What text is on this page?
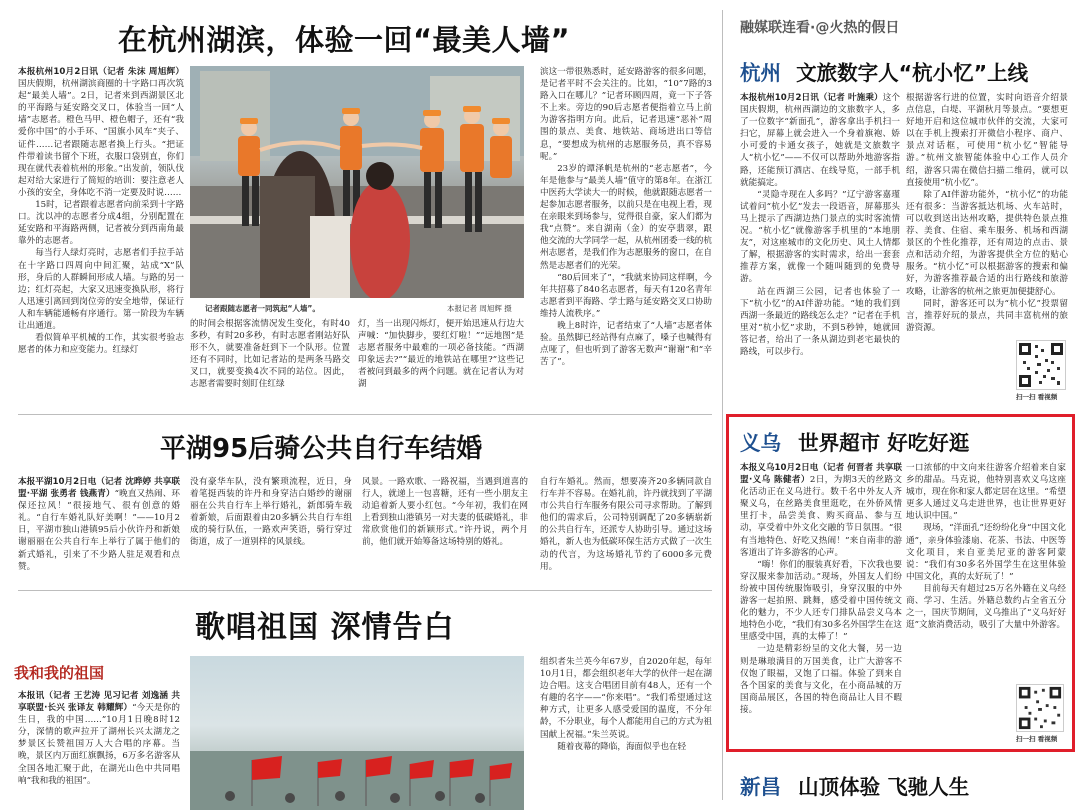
在杭州湖滨，体验一回“最美人墙”
本报杭州10月2日讯（记者 朱沫 周旭辉）国庆假期，杭州湖滨商圈的十字路口再次筑起“最美人墙”。2日，记者来到西湖景区北的平海路与延安路交叉口，体验当一回“人墙”志愿者。橙色马甲、橙色帽子，还有“我爱你中国”的小手环、“国旗小风车”夹子、证件……记者跟随志愿者换上行头。“把证件带着读书留个下班，衣服口袋别直，你们现在就代表着杭州的形象。”出发前，领队伐起对给大家进行了简短的培训：要注意老人小孩的安全，身体吃不消一定要及时说……
15时，记者跟着志愿者向前采到十字路口。沈以冲的志愿者分成4组，分别配置在延安路和平海路两侧，记者被分到西南角最靠外的志愿者。
每当行人绿灯亮时，志愿者们手拉手站在十字路口四周向中间汇聚，站成“X”队形，身后的人群瞬间形成人墙。与路的另一边；红灯亮起，大家又迅速变换队形，将行人迅速引离回到岗位旁的安全地带，保证行人和车辆能通畅有序通行。第一阶段为车辆让出通道。
看似简单平机械的工作，其实很考验志愿者的体力和应变能力。红绿灯
记者跟随志愿者一同筑起“人墙”。	本报记者 周旭辉 摄
的时间会根据客流情况发生变化，有时40多秒，有时20多秒，有时志愿者刚站好队形不久，就要准备赶到下一个队形。位置还有不同时，比如记者站的是两条马路交叉口，就要变换4次不同的站位。因此，志愿者需要时刻盯住红绿
灯，当一出现闪烁灯，便开始迅速从行边大声喊：“加快脚步，要红灯啦！”“远地图”是志愿者服务中最难的一项必备技能。“西湖印象远去?”“最近的地铁站在哪里?”这些记者被问到最多的两个问题。就在记者认为对湖
滨这一带很熟悉时，延安路游客的很多问题，是记者平时不会关注的。比如，“10”7路的3路入口在哪儿？”记者环顾四周，竟一下子答不上来。旁边的90后志愿者便指着立马上前为游客指明方向。此后，记者迅速“恶补”周围的景点、美食、地铁站、商场进出口等信息，“要想成为杭州的志愿服务员，真不容易呢。”
23岁的谭泽帆是杭州的“老志愿者”，今年是他参与“最美人墙”值守的第8年。在浙江中医药大学读大一的时候，他就跟随志愿者一起参加志愿者服务，以前只是在电视上看，现在亲眼来到场参与，觉得很自豪，家人们都为我“点赞”。来自湖南（金）的安亭翡翠，跟他交流的大学同学一起，从杭州团委一线的杭州志愿者，是我们作为志愿服务的窗口，在自然是志愿者们的光荣。
“80后回来了”，“我就来协同这样啊，今年共招募了840名志愿者，每天有120名青年志愿者到平海路、学士路与延安路交叉口协助维持人流秩序。”
晚上8时许，记者结束了“人墙”志愿者体验。虽然脚已经站得有点麻了，嗓子也喊得有点哑了，但也听到了游客无数声“谢谢”和“辛苦了”。
融媒联连看·@火热的假日
杭州 文旅数字人“杭小忆”上线
本报杭州10月2日讯（记者 叶施乘）这个国庆假期，杭州西湖边的文旅数字人，多了一位数字“新面孔”，游客拿出手机扫一扫它，屏幕上就会进入一个身着旗袍、娇小可爱的卡通女孩子，她就是文旅数字人“杭小忆”——不仅可以帮助外地游客指路，还能预订酒店、在线导览，一部手机就能搞定。
“灵隐寺现在人多吗？”辽宁游客嘉瑾试着问“杭小忆”发去一段语音，屏幕那头马上提示了西湖边热门景点的实时客流情况。“杭小忆”就像游客手机里的“本地朋友”，对这座城市的文化历史、风土人情都了解，根据游客的实时需求，给出一套套推荐方案，就像一个随叫随到的免费导游。
站在西湖三公园，记者也体验了一下“杭小忆”的AI伴游功能。“她的我们到西湖一条最近的路线怎么走？”记者在手机里对“杭小忆”求助，不到5秒钟，她就回答记者，给出了一条从湖边到老宅最快的路线，可以步行。
根据游客行进的位置，实时向语音介绍景点信息，白堤、平湖秋月等景点。“要想更好地开启和这位城市伙伴的交流，大家可以在手机上搜索打开微信小程序、商户、景点对话框，可使用“杭小忆”智能导游。”杭州文旅智能体验中心工作人员介绍，游客只需在微信扫描二维码，就可以直接使用“杭小忆”。
除了AI伴游功能外，“杭小忆”的功能还有很多：当游客抵达机场、火车站时，可以收到送出达州攻略，提供特色景点推荐、美食、住宿、乘车服务、机场和西湖景区的个性化推荐，还有周边的点击、景点和活动介绍，为游客提供全方位的贴心服务。“杭小忆”可以根据游客的搜索和偏好，为游客推荐最合适的出行路线和旅游攻略，让游客的杭州之旅更加便捷舒心。
同时，游客还可以为“杭小忆”投票留言，推荐好玩的景点，共同丰富杭州的旅游资源。
扫一扫 看视频
平湖95后骑公共自行车结婚
本报平湖10月2日电（记者 沈晔婷 共享联盟·平湖 张勇者 钱燕青）“晚直又热闹、环保还拉风！”很接地气、很有创意的婚礼。“自行车婚礼队好美啊！”——10月2日，平湖市独山港镇95后小伙许丹和新娘谢丽丽在公共自行车上举行了属于他们的新式婚礼，引来了不少路人驻足观看和点赞。
没有豪华车队，没有繁琐流程，近日，身着笔挺西装的许丹和身穿洁白婚纱的谢丽丽在公共自行车上举行婚礼，新郎骑车载着新娘，后面跟着由20多辆公共自行车组成的骑行队伍，一路欢声笑语，骑行穿过街道，成了一道别样的风景线。
风景。一路欢歌、一路祝福，当遇到道喜的行人，就递上一包喜糖，还有一些小朋友主动追着新人要小红包。“今年初，我们在网上看到独山港镇另一对夫妻的低碳婚礼，非常欣赏他们的新颖形式。”许丹说，两个月前，他们就开始筹备这场特别的婚礼。
自行车婚礼。然而，想要凑齐20多辆同款自行车并不容易。在婚礼前，许丹就找到了平湖市公共自行车服务有限公司寻求帮助。了解到他们的需求后，公司特别调配了20多辆崭新的公共自行车，还派专人协助引导。通过这场婚礼，新人也为低碳环保生活方式做了一次生动的代言，为这场婚礼节约了6000多元费用。
歌唱祖国 深情告白
我和我的祖国
本报讯（记者 王艺涛 见习记者 刘逸涵 共享联盟·长兴 张译友 韩耀辉）“今天是你的生日，我的中国……”10月1日晚8时12分，深情的歌声拉开了湖州长兴太湖龙之梦景区长赞祖国万人大合唱的序幕。当晚，景区内万面红旗飘扬，6万多名游客从全国各地汇聚于此，在湖光山色中共同唱响“我和我的祖国”。
组织者朱兰英今年67岁，自2020年起，每年10月1日，都会组织老年大学的伙伴一起在湖边合唱。这支合唱团目前有48人，还有一个有趣的名字——“你来唱”。“我们希望通过这种方式，让更多人感受爱国的温度，不分年龄，不分职业，每个人都能用自己的方式为祖国献上祝福。”朱兰英说。
随着夜幕的降临，海面似乎也在轻
义乌 世界超市 好吃好逛
本报义乌10月2日电（记者 何晋者 共享联盟·义乌 陈健者）2日，为期3天的丝路文化活动正在义乌进行。数千名中外友人齐聚义乌，在丝路美食里逛吃，在外侨风情里打卡，品尝美食、购买商品、参与互动，享受着中外文化交融的节日氛围。“很有当地特色、好吃又热闹！”来自南非的游客道出了许多游客的心声。
“嗨！你们的服装真好看，下次我也要穿汉服来参加活动。”现场，外国友人们纷纷被中国传统服饰吸引，身穿汉服的中外游客一起拍照、跳舞，感受着中国传统文化的魅力，不少人还专门排队品尝义乌本地特色小吃，“我们有30多名外国学生在这里感受中国，真的太棒了！”
一边是精彩纷呈的文化大餐，另一边则是琳琅满目的万国美食，让广大游客不仅饱了眼福，又饱了口福。体验了到来自各个国家的美食与文化，在小商品城的万国商品展区，各国的特色商品让人目不暇接。
一口浓郁的中文向来往游客介绍着来自家乡的甜品。马克说，他特别喜欢义乌这座城市，现在你和家人都定居在这里。“希望更多人通过义乌走进世界，也让世界更好地认识中国。”
现场，“洋面孔”还纷纷化身“中国文化通”，亲身体验漆扇、花茶、书法、中医等文化项目，来自亚美尼亚的游客阿蒙说：“我们有30多名外国学生在这里体验中国文化，真的太好玩了！”
目前每天有超过25万名外籍在义乌经商、学习、生活。外籍总数约占全省五分之一，国庆节期间，义乌推出了“义乌好好逛”文旅消费活动，吸引了大量中外游客。
扫一扫 看视频
新昌 山顶体验 飞驰人生
